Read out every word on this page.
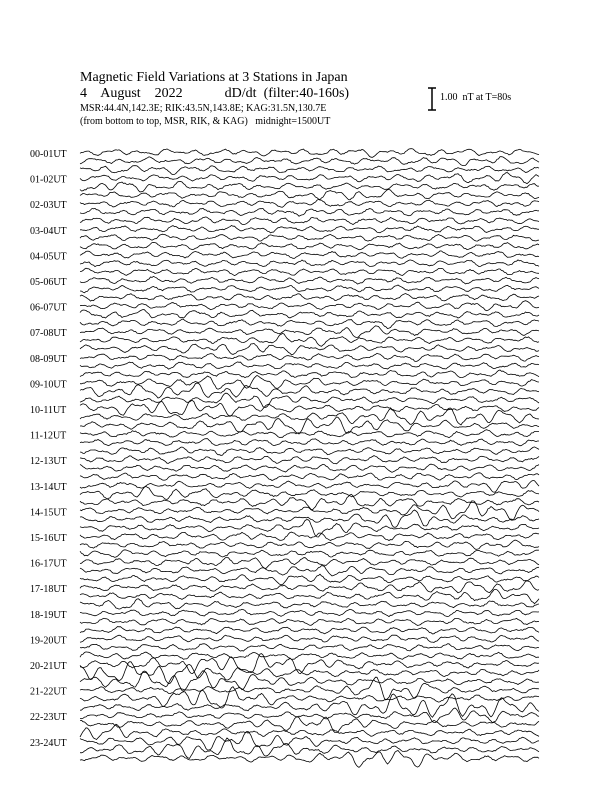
Magnetic Field Variations at 3 Stations in Japan
4    August    2022            dD/dt  (filter:40-160s)
MSR:44.4N,142.3E; RIK:43.5N,143.8E; KAG:31.5N,130.7E
(from bottom to top, MSR, RIK, & KAG)   midnight=1500UT
1.00  nT at T=80s
00-01UT
01-02UT
02-03UT
03-04UT
04-05UT
05-06UT
06-07UT
07-08UT
08-09UT
09-10UT
10-11UT
11-12UT
12-13UT
13-14UT
14-15UT
15-16UT
16-17UT
17-18UT
18-19UT
19-20UT
20-21UT
21-22UT
22-23UT
23-24UT
